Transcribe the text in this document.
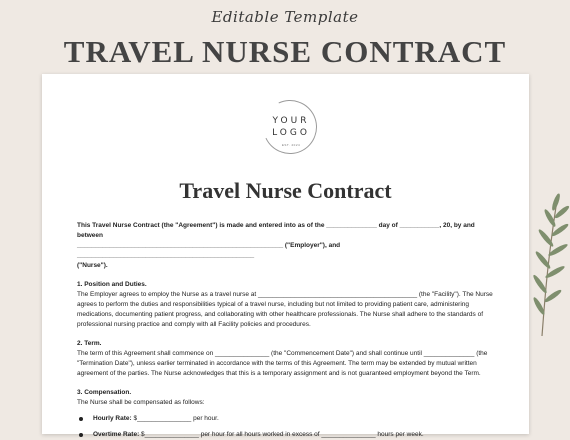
Editable Template
TRAVEL NURSE CONTRACT
YOUR
LOGO
EST. 2024
Travel Nurse Contract

This Travel Nurse Contract (the "Agreement") is made and entered into as of the ______________ day of ___________, 20, by and between

_________________________________________________________ ("Employer"), and _________________________________________________

("Nurse").

1. Position and Duties.

The Employer agrees to employ the Nurse as a travel nurse at ____________________________________________ (the "Facility"). The Nurse agrees to perform the duties and responsibilities typical of a travel nurse, including but not limited to providing patient care, administering medications, documenting patient progress, and collaborating with other healthcare professionals. The Nurse shall adhere to the standards of professional nursing practice and comply with all Facility policies and procedures.

2. Term.

The term of this Agreement shall commence on _______________ (the "Commencement Date") and shall continue until ______________ (the "Termination Date"), unless earlier terminated in accordance with the terms of this Agreement. The term may be extended by mutual written agreement of the parties. The Nurse acknowledges that this is a temporary assignment and is not guaranteed employment beyond the Term.

3. Compensation.

The Nurse shall be compensated as follows:

Hourly Rate: $_______________ per hour.
Overtime Rate: $_______________ per hour for all hours worked in excess of _______________ hours per week.
